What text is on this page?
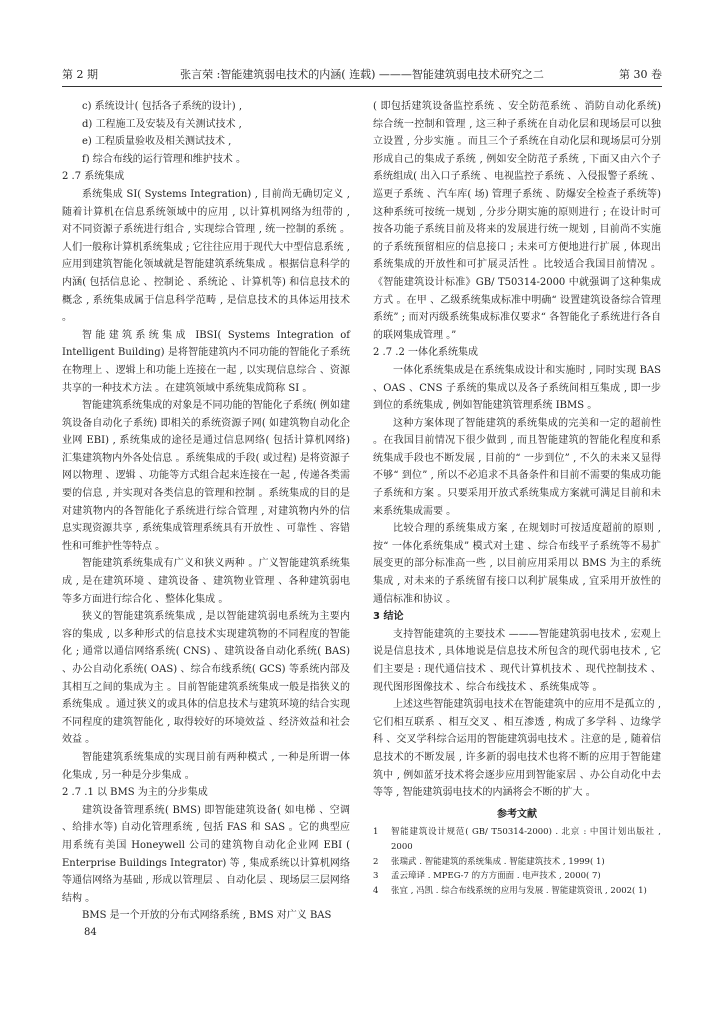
第 2 期	张言荣 :智能建筑弱电技术的内涵( 连载) ———智能建筑弱电技术研究之二	第 30 卷

c) 系统设计( 包括各子系统的设计) ,

d) 工程施工及安装及有关测试技术 ,

e) 工程质量验收及相关测试技术 ,

f) 综合布线的运行管理和维护技术 。

2 .7 系统集成

系统集成 SI( Systems Integration) , 目前尚无确切定义 , 随着计算机在信息系统领域中的应用 , 以计算机网络为纽带的 , 对不同资源子系统进行组合 , 实现综合管理 , 统一控制的系统 。人们一般称计算机系统集成 ; 它往往应用于现代大中型信息系统 , 应用到建筑智能化领域就是智能建筑系统集成 。根据信息科学的内涵( 包括信息论 、控制论 、系统论 、计算机等) 和信息技术的概念 , 系统集成属于信息科学范畴 , 是信息技术的具体运用技术 。

智能建筑系统集成 IBSI( Systems Integration of Intelligent Building) 是将智能建筑内不同功能的智能化子系统在物理上 、逻辑上和功能上连接在一起 , 以实现信息综合 、资源共享的一种技术方法 。在建筑领域中系统集成简称 SI 。

智能建筑系统集成的对象是不同功能的智能化子系统( 例如建筑设备自动化子系统) 即相关的系统资源子网( 如建筑物自动化企业网 EBI) , 系统集成的途径是通过信息网络( 包括计算机网络) 汇集建筑物内外各处信息 。系统集成的手段( 或过程) 是将资源子网以物理 、逻辑 、功能等方式组合起来连接在一起 , 传递各类需要的信息 , 并实现对各类信息的管理和控制 。系统集成的目的是对建筑物内的各智能化子系统进行综合管理 , 对建筑物内外的信息实现资源共享 , 系统集成管理系统具有开放性 、可靠性 、容错性和可维护性等特点 。

智能建筑系统集成有广义和狭义两种 。广义智能建筑系统集成 , 是在建筑环境 、建筑设备 、建筑物业管理 、各种建筑弱电等多方面进行综合化 、整体化集成 。

狭义的智能建筑系统集成 , 是以智能建筑弱电系统为主要内容的集成 , 以多种形式的信息技术实现建筑物的不同程度的智能化 ; 通常以通信网络系统( CNS) 、建筑设备自动化系统( BAS) 、办公自动化系统( OAS) 、综合布线系统( GCS) 等系统内部及其相互之间的集成为主 。目前智能建筑系统集成一般是指狭义的系统集成 。通过狭义的或具体的信息技术与建筑环境的结合实现不同程度的建筑智能化 , 取得较好的环境效益 、经济效益和社会效益 。

智能建筑系统集成的实现目前有两种模式 , 一种是所谓一体化集成 , 另一种是分步集成 。

2 .7 .1 以 BMS 为主的分步集成

建筑设备管理系统( BMS) 即智能建筑设备( 如电梯 、空调 、给排水等) 自动化管理系统 , 包括 FAS 和 SAS 。它的典型应用系统有美国 Honeywell 公司的建筑物自动化企业网 EBI ( Enterprise Buildings Integrator) 等 , 集成系统以计算机网络等通信网络为基础 , 形成以管理层 、自动化层 、现场层三层网络结构 。

BMS 是一个开放的分布式网络系统 , BMS 对广义 BAS

( 即包括建筑设备监控系统 、安全防范系统 、消防自动化系统) 综合统一控制和管理 , 这三种子系统在自动化层和现场层可以独立设置 , 分步实施 。而且三个子系统在自动化层和现场层可分别形成自己的集成子系统 , 例如安全防范子系统 , 下面又由六个子系统组成( 出入口子系统 、电视监控子系统 、入侵报警子系统 、巡更子系统 、汽车库( 场) 管理子系统 、防爆安全检查子系统等) 这种系统可按统一规划 , 分步分期实施的原则进行 ; 在设计时可按各功能子系统目前及将来的发展进行统一规划 , 目前尚不实施的子系统预留相应的信息接口 ; 未来可方便地进行扩展 , 体现出系统集成的开放性和可扩展灵活性 。比较适合我国目前情况 。《智能建筑设计标准》GB/ T50314-2000 中就强调了这种集成方式 。在甲 、乙级系统集成标准中明确“ 设置建筑设备综合管理系统” ; 而对丙级系统集成标准仅要求“ 各智能化子系统进行各自的联网集成管理 。”

2 .7 .2 一体化系统集成

一体化系统集成是在系统集成设计和实施时 , 同时实现 BAS 、OAS 、CNS 子系统的集成以及各子系统间相互集成 , 即一步到位的系统集成 , 例如智能建筑管理系统 IBMS 。

这种方案体现了智能建筑的系统集成的完美和一定的超前性 。在我国目前情况下很少做到 , 而且智能建筑的智能化程度和系统集成手段也不断发展 , 目前的“ 一步到位” , 不久的未来又显得不够“ 到位” , 所以不必追求不具备条件和目前不需要的集成功能子系统和方案 。只要采用开放式系统集成方案就可满足目前和未来系统集成需要 。

比较合理的系统集成方案 , 在规划时可按适度超前的原则 , 按“ 一体化系统集成” 模式对土建 、综合布线平子系统等不易扩展变更的部分标准高一些 , 以目前应用采用以 BMS 为主的系统集成 , 对未来的子系统留有接口以利扩展集成 , 宜采用开放性的通信标准和协议 。

3 结论

支持智能建筑的主要技术 ———智能建筑弱电技术 , 宏观上说是信息技术 , 具体地说是信息技术所包含的现代弱电技术 , 它们主要是 : 现代通信技术 、现代计算机技术 、现代控制技术 、现代图形图像技术 、综合布线技术 、系统集成等 。

上述这些智能建筑弱电技术在智能建筑中的应用不是孤立的 , 它们相互联系 、相互交叉 、相互渗透 , 构成了多学科 、边缘学科 、交叉学科综合运用的智能建筑弱电技术 。注意的是 , 随着信息技术的不断发展 , 许多新的弱电技术也将不断的应用于智能建筑中 , 例如蓝牙技术将会逐步应用到智能家居 、办公自动化中去等等 , 智能建筑弱电技术的内涵将会不断的扩大 。

参考文献
1	智能建筑设计规范( GB/ T50314-2000) . 北京 : 中国计划出版社 , 2000
2	张瑞武 . 智能建筑的系统集成 . 智能建筑技术 , 1999( 1)
3	孟云璋译 . MPEG-7 的方方面面 . 电声技术 , 2000( 7)
4	张宜 , 冯凯 . 综合布线系统的应用与发展 . 智能建筑资讯 , 2002( 1)
84
